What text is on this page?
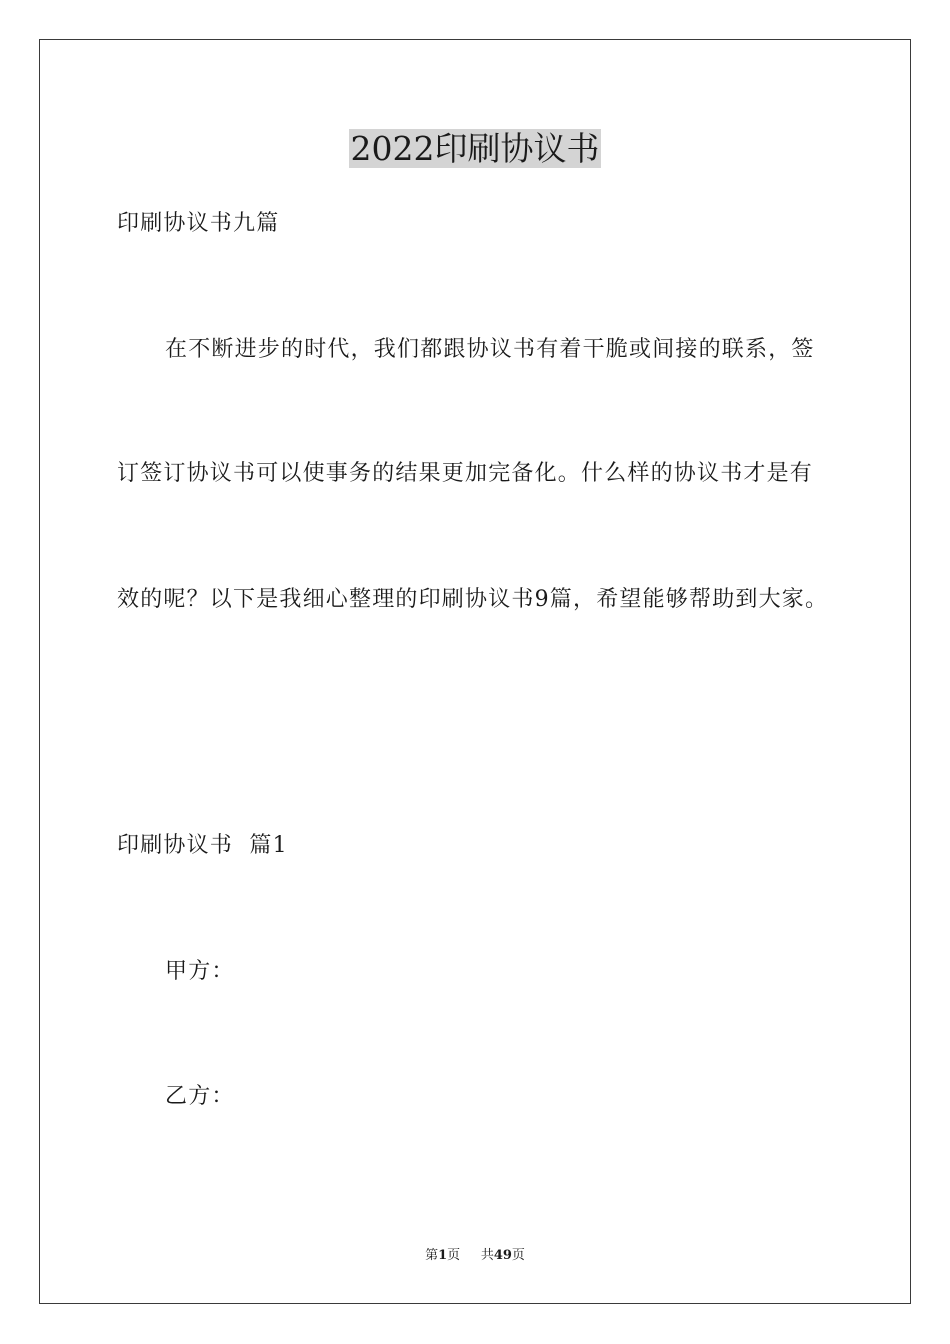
2022印刷协议书
印刷协议书九篇
在不断进步的时代，我们都跟协议书有着干脆或间接的联系，签
订签订协议书可以使事务的结果更加完备化。什么样的协议书才是有
效的呢？以下是我细心整理的印刷协议书9篇，希望能够帮助到大家。
印刷协议书  篇1
甲方：
乙方：
第1页 共49页
